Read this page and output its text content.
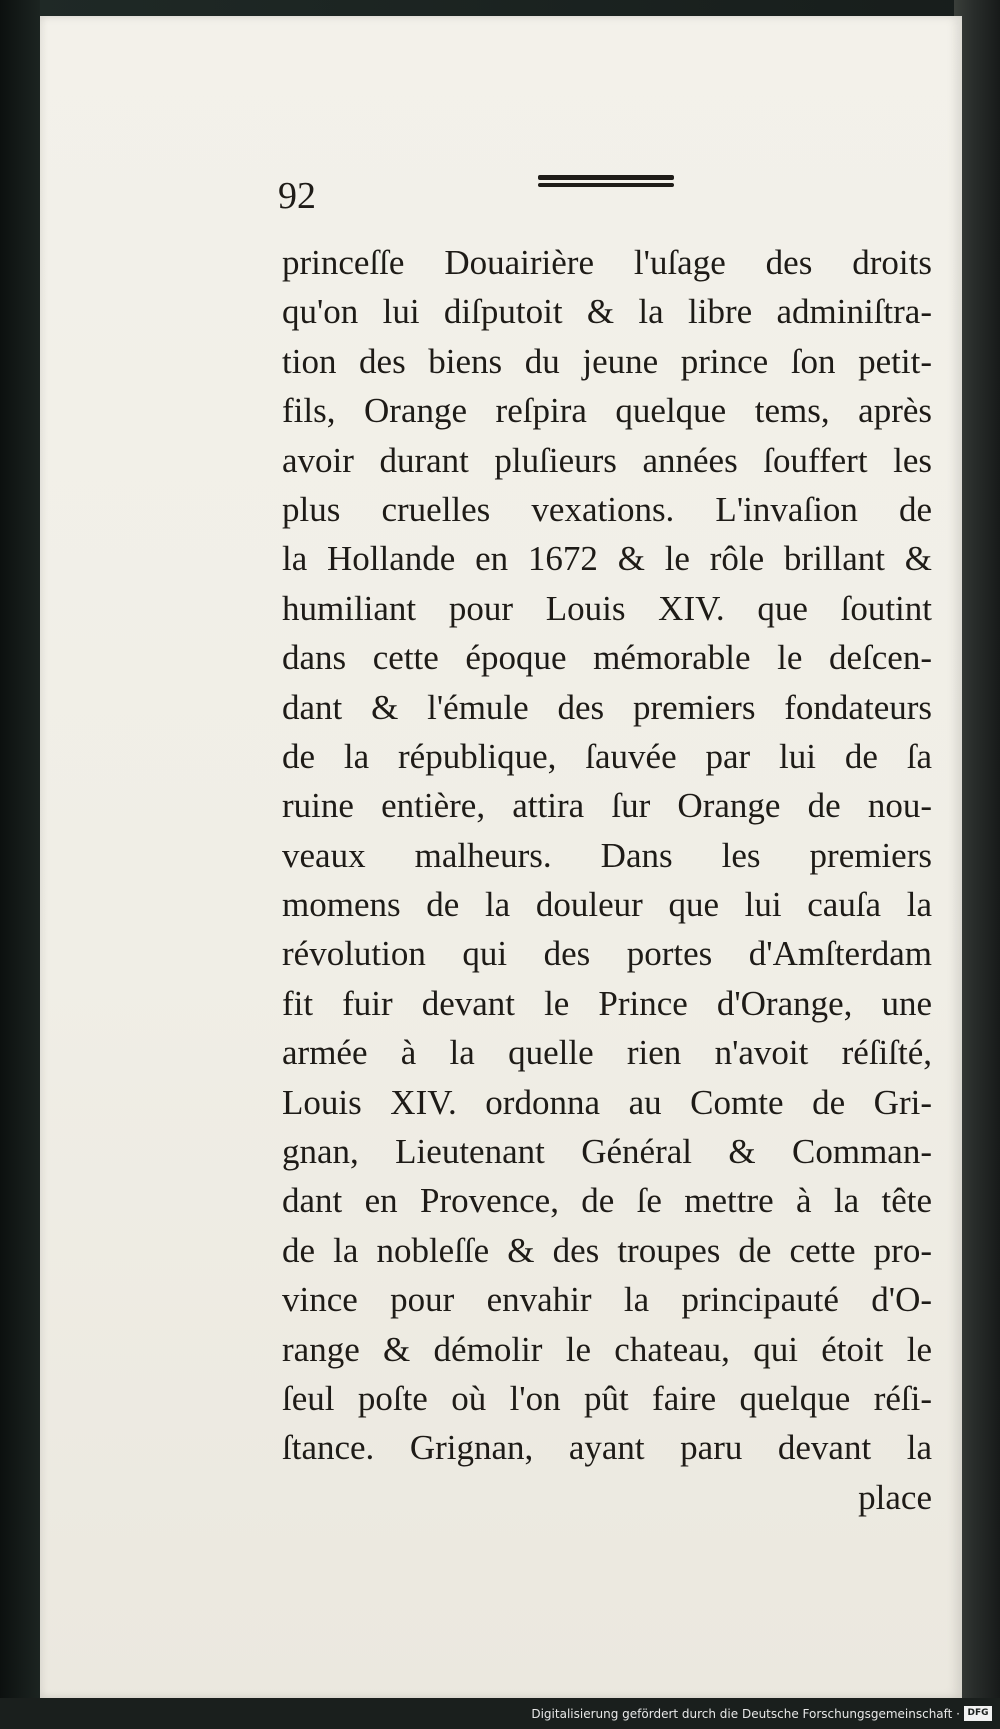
92
princeſſe Douairière l'uſage des droits
qu'on lui diſputoit & la libre adminiſtra-
tion des biens du jeune prince ſon petit-
fils, Orange reſpira quelque tems, après
avoir durant pluſieurs années ſouffert les
plus cruelles vexations. L'invaſion de
la Hollande en 1672 & le rôle brillant &
humiliant pour Louis XIV. que ſoutint
dans cette époque mémorable le deſcen-
dant & l'émule des premiers fondateurs
de la république, ſauvée par lui de ſa
ruine entière, attira ſur Orange de nou-
veaux malheurs. Dans les premiers
momens de la douleur que lui cauſa la
révolution qui des portes d'Amſterdam
fit fuir devant le Prince d'Orange, une
armée à la quelle rien n'avoit réſiſté,
Louis XIV. ordonna au Comte de Gri-
gnan, Lieutenant Général & Comman-
dant en Provence, de ſe mettre à la tête
de la nobleſſe & des troupes de cette pro-
vince pour envahir la principauté d'O-
range & démolir le chateau, qui étoit le
ſeul poſte où l'on pût faire quelque réſi-
ſtance. Grignan, ayant paru devant la
place
Digitalisierung gefördert durch die Deutsche Forschungsgemeinschaft · DFG
